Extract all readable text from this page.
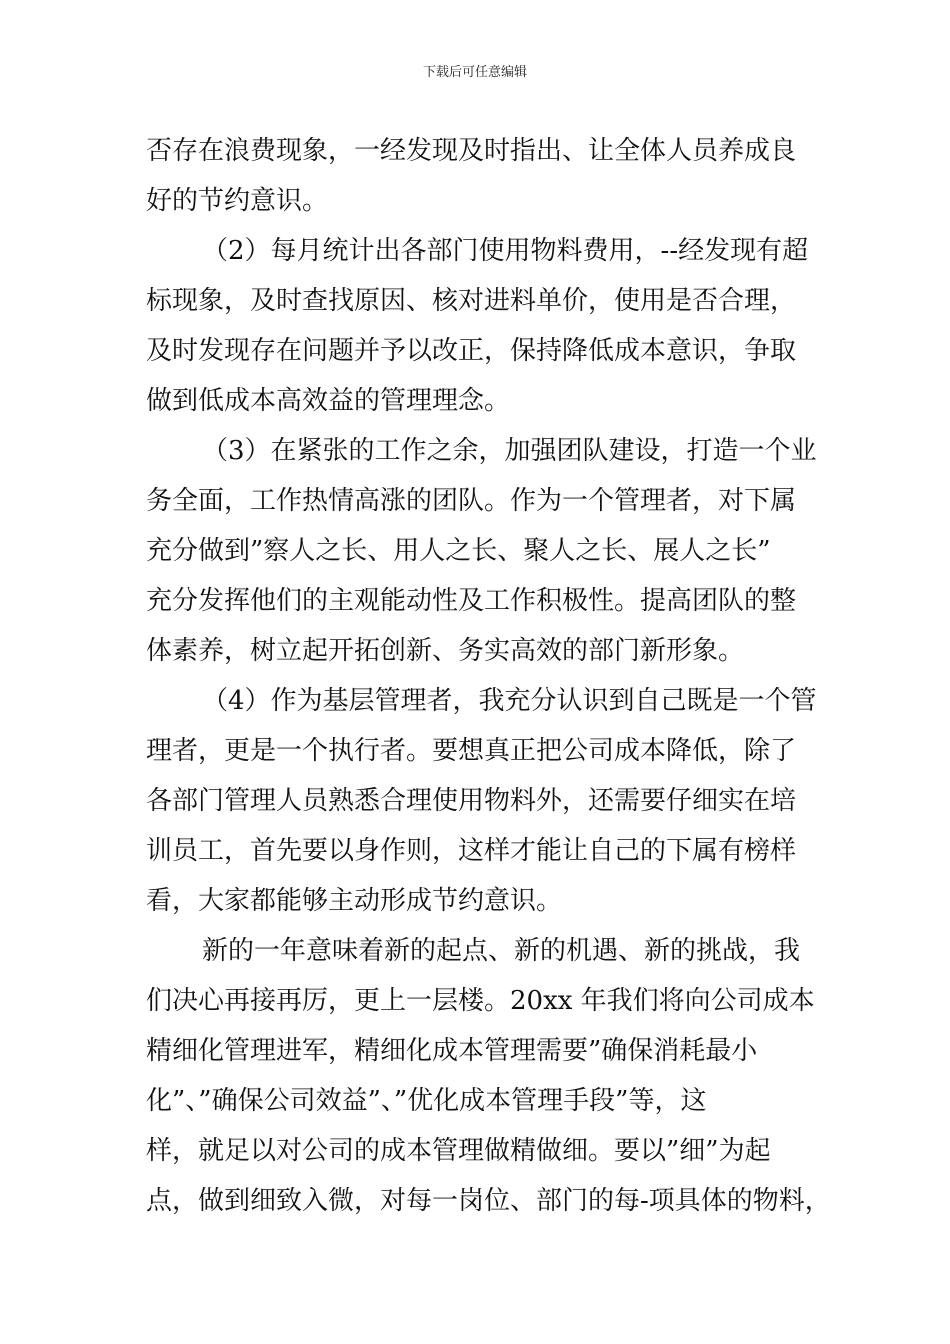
下载后可任意编辑
否存在浪费现象，一经发现及时指出、让全体人员养成良
好的节约意识。
（2）每月统计出各部门使用物料费用，--经发现有超
标现象，及时查找原因、核对进料单价，使用是否合理，
及时发现存在问题并予以改正，保持降低成本意识，争取
做到低成本高效益的管理理念。
（3）在紧张的工作之余，加强团队建设，打造一个业
务全面，工作热情高涨的团队。作为一个管理者，对下属
充分做到”察人之长、用人之长、聚人之长、展人之长”
充分发挥他们的主观能动性及工作积极性。提高团队的整
体素养，树立起开拓创新、务实高效的部门新形象。
（4）作为基层管理者，我充分认识到自己既是一个管
理者，更是一个执行者。要想真正把公司成本降低，除了
各部门管理人员熟悉合理使用物料外，还需要仔细实在培
训员工，首先要以身作则，这样才能让自己的下属有榜样
看，大家都能够主动形成节约意识。
新的一年意味着新的起点、新的机遇、新的挑战，我
们决心再接再厉，更上一层楼。20xx 年我们将向公司成本
精细化管理进军，精细化成本管理需要”确保消耗最小
化”、”确保公司效益”、”优化成本管理手段”等，这
样，就足以对公司的成本管理做精做细。要以”细”为起
点，做到细致入微，对每一岗位、部门的每-项具体的物料，
